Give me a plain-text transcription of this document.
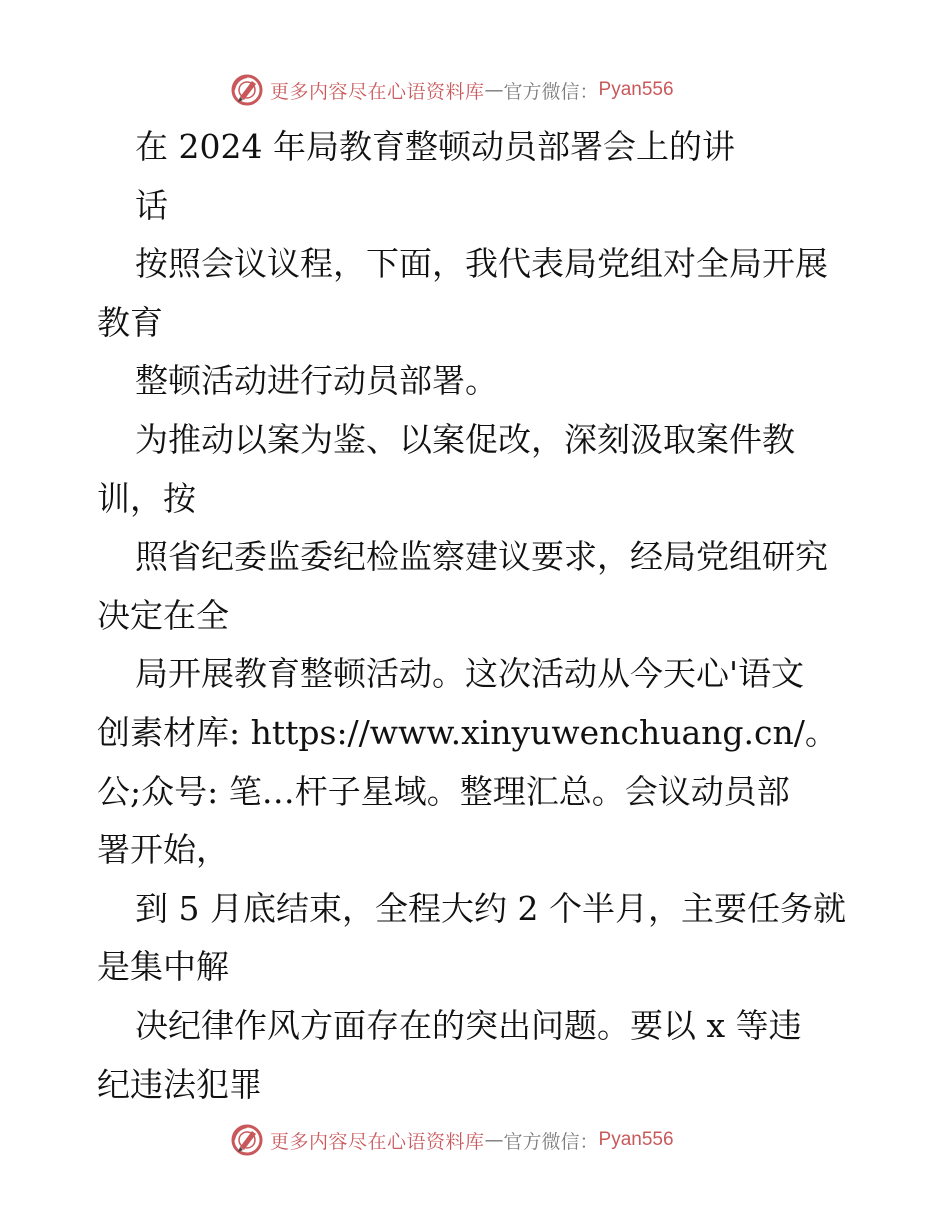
更多内容尽在心语资料库 — 官方微信： Pyan556

在 2024 年局教育整顿动员部署会上的讲

话

按照会议议程，下面，我代表局党组对全局开展

教育

整顿活动进行动员部署。

为推动以案为鉴、以案促改，深刻汲取案件教

训，按

照省纪委监委纪检监察建议要求，经局党组研究

决定在全

局开展教育整顿活动。这次活动从今天心'语文

创素材库: https://www.xinyuwenchuang.cn/。

公;众号: 笔…杆子星域。整理汇总。会议动员部

署开始，

到 5 月底结束，全程大约 2 个半月，主要任务就

是集中解

决纪律作风方面存在的突出问题。要以 x 等违

纪违法犯罪

更多内容尽在心语资料库 — 官方微信： Pyan556
